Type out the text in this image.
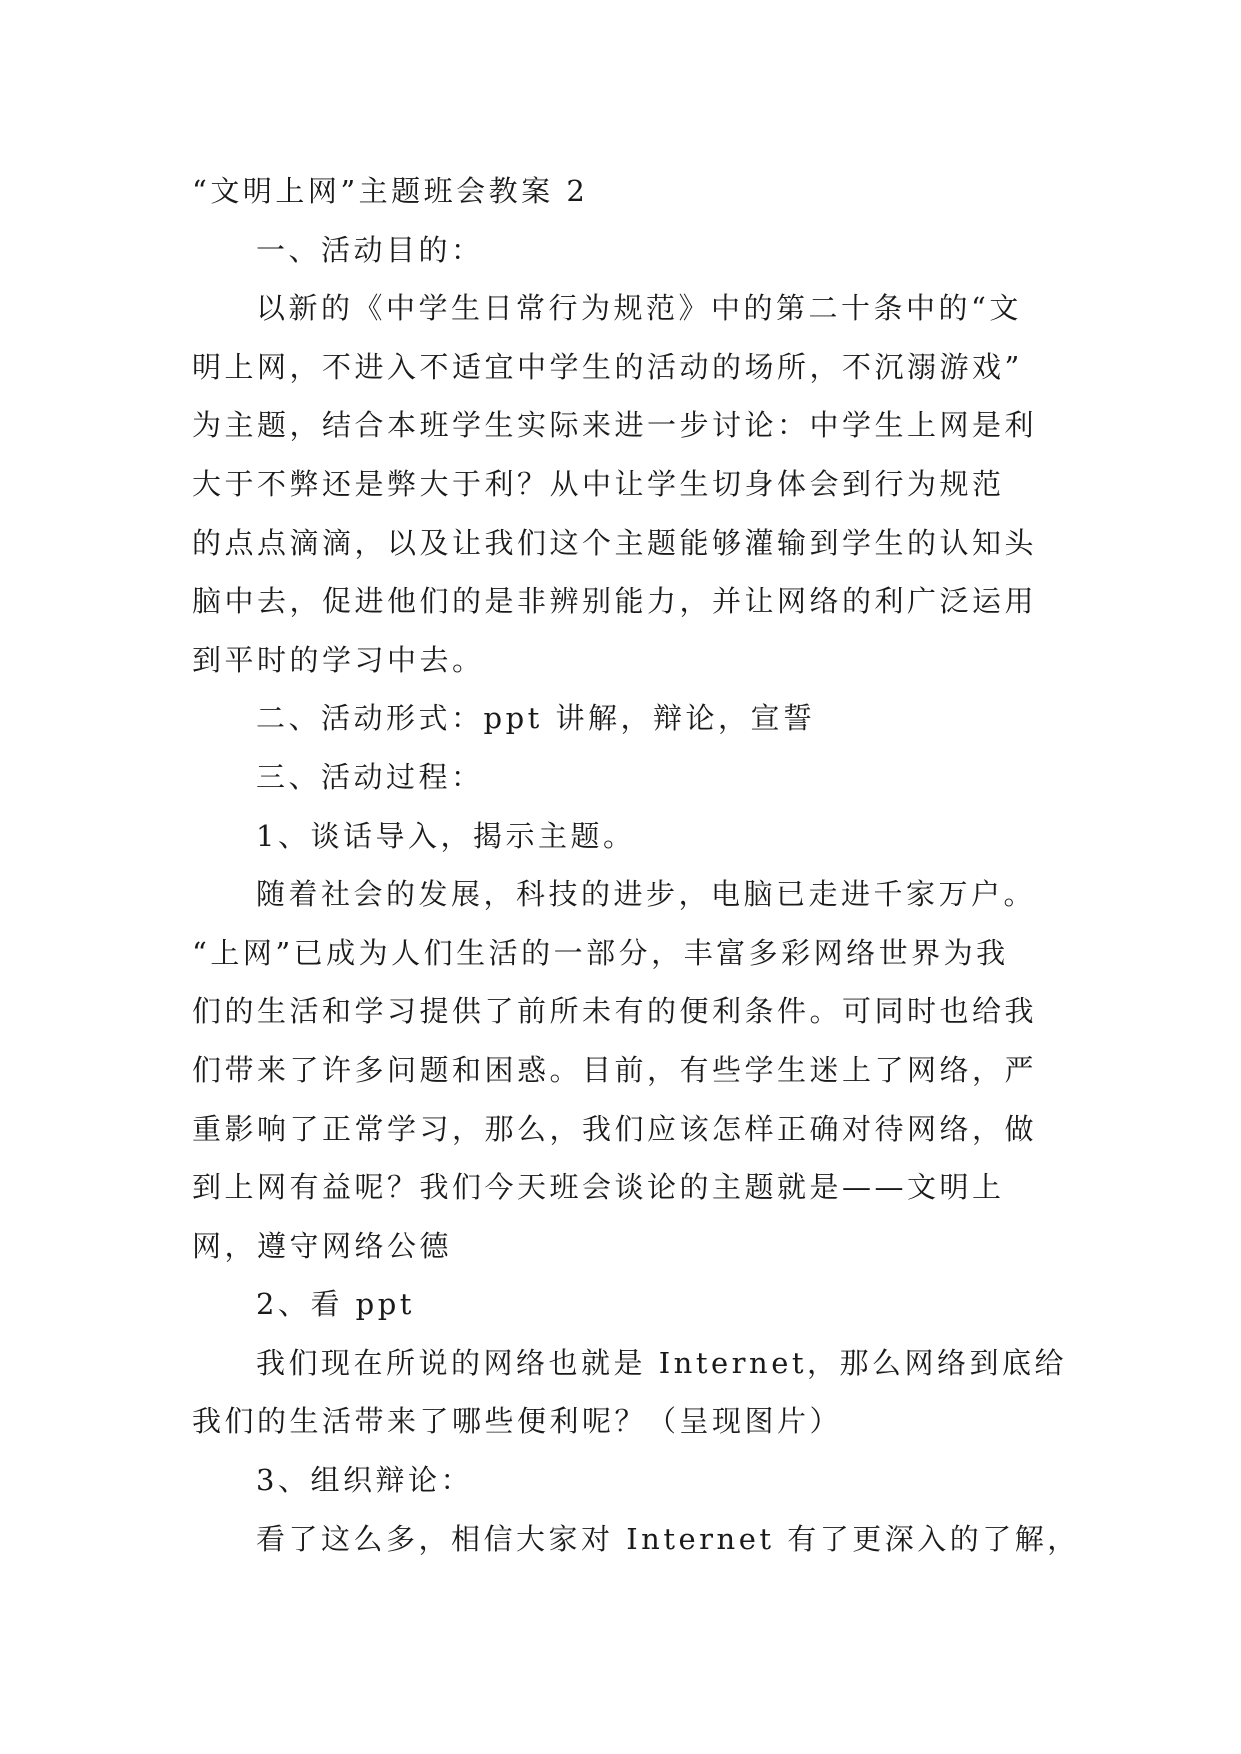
“文明上网”主题班会教案 2
一、活动目的：
以新的《中学生日常行为规范》中的第二十条中的“文
明上网，不进入不适宜中学生的活动的场所，不沉溺游戏”
为主题，结合本班学生实际来进一步讨论：中学生上网是利
大于不弊还是弊大于利？从中让学生切身体会到行为规范
的点点滴滴，以及让我们这个主题能够灌输到学生的认知头
脑中去，促进他们的是非辨别能力，并让网络的利广泛运用
到平时的学习中去。
二、活动形式：ppt 讲解，辩论，宣誓
三、活动过程：
1、谈话导入，揭示主题。
随着社会的发展，科技的进步，电脑已走进千家万户。
“上网”已成为人们生活的一部分，丰富多彩网络世界为我
们的生活和学习提供了前所未有的便利条件。可同时也给我
们带来了许多问题和困惑。目前，有些学生迷上了网络，严
重影响了正常学习，那么，我们应该怎样正确对待网络，做
到上网有益呢？我们今天班会谈论的主题就是——文明上
网，遵守网络公德
2、看 ppt
我们现在所说的网络也就是 Internet，那么网络到底给
我们的生活带来了哪些便利呢？（呈现图片）
3、组织辩论：
看了这么多，相信大家对 Internet 有了更深入的了解，
